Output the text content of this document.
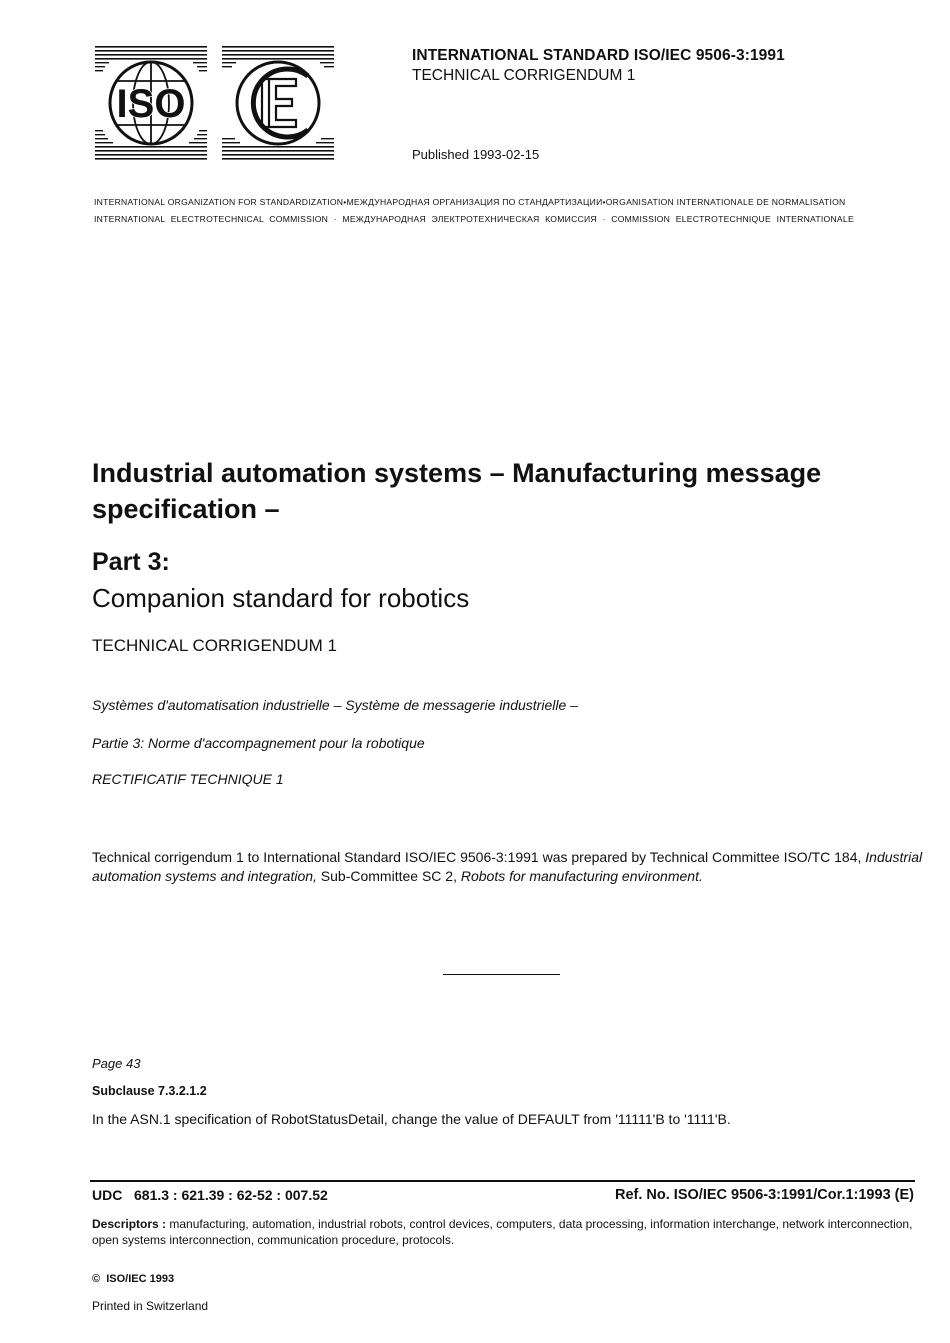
ISO
IEC
INTERNATIONAL STANDARD ISO/IEC 9506-3:1991
TECHNICAL CORRIGENDUM 1
Published 1993-02-15
INTERNATIONAL ORGANIZATION FOR STANDARDIZATION•МЕЖДУНАРОДНАЯ ОРГАНИЗАЦИЯ ПО СТАНДАРТИЗАЦИИ•ORGANISATION INTERNATIONALE DE NORMALISATION
INTERNATIONAL ELECTROTECHNICAL COMMISSION · МЕЖДУНАРОДНАЯ ЭЛЕКТРОТЕХНИЧЕСКАЯ КОМИССИЯ · COMMISSION ELECTROTECHNIQUE INTERNATIONALE
Industrial automation systems – Manufacturing message specification –
Part 3:
Companion standard for robotics
TECHNICAL CORRIGENDUM 1
Systèmes d'automatisation industrielle – Système de messagerie industrielle –
Partie 3: Norme d'accompagnement pour la robotique
RECTIFICATIF TECHNIQUE 1
Technical corrigendum 1 to International Standard ISO/IEC 9506-3:1991 was prepared by Technical Committee ISO/TC 184, Industrial automation systems and integration, Sub-Committee SC 2, Robots for manufacturing environment.
Page 43
Subclause 7.3.2.1.2
In the ASN.1 specification of RobotStatusDetail, change the value of DEFAULT from '11111'B to '1111'B.
UDC   681.3 : 621.39 : 62-52 : 007.52	Ref. No. ISO/IEC 9506-3:1991/Cor.1:1993 (E)
Descriptors : manufacturing, automation, industrial robots, control devices, computers, data processing, information interchange, network interconnection, open systems interconnection, communication procedure, protocols.
©  ISO/IEC 1993
Printed in Switzerland
